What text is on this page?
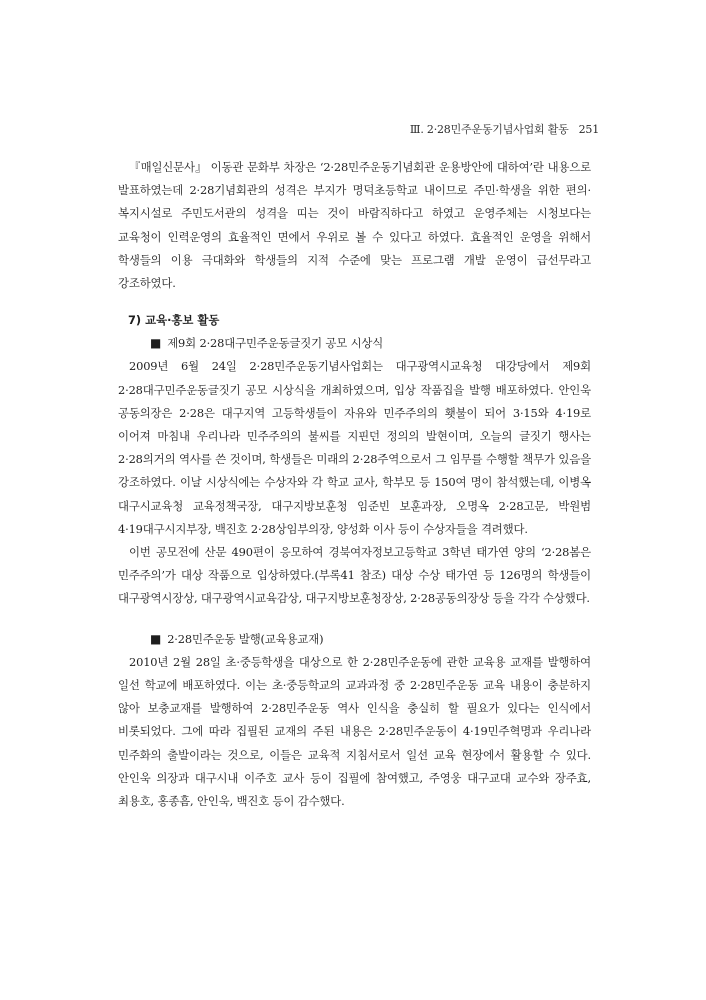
Ⅲ. 2·28민주운동기념사업회 활동 251

『매일신문사』 이동관 문화부 차장은 ‘2·28민주운동기념회관 운용방안에 대하여’란 내용으로 발표하였는데 2·28기념회관의 성격은 부지가 명덕초등학교 내이므로 주민·학생을 위한 편의·복지시설로 주민도서관의 성격을 띠는 것이 바람직하다고 하였고 운영주체는 시청보다는 교육청이 인력운영의 효율적인 면에서 우위로 볼 수 있다고 하였다. 효율적인 운영을 위해서 학생들의 이용 극대화와 학생들의 지적 수준에 맞는 프로그램 개발 운영이 급선무라고 강조하였다.

7) 교육·홍보 활동
■ 제9회 2·28대구민주운동글짓기 공모 시상식

2009년 6월 24일 2·28민주운동기념사업회는 대구광역시교육청 대강당에서 제9회 2·28대구민주운동글짓기 공모 시상식을 개최하였으며, 입상 작품집을 발행 배포하였다. 안인욱 공동의장은 2·28은 대구지역 고등학생들이 자유와 민주주의의 횃불이 되어 3·15와 4·19로 이어져 마침내 우리나라 민주주의의 불씨를 지핀던 정의의 발현이며, 오늘의 글짓기 행사는 2·28의거의 역사를 쓴 것이며, 학생들은 미래의 2·28주역으로서 그 임무를 수행할 책무가 있음을 강조하였다. 이날 시상식에는 수상자와 각 학교 교사, 학부모 등 150여 명이 참석했는데, 이병옥 대구시교육청 교육정책국장, 대구지방보훈청 임준빈 보훈과장, 오명옥 2·28고문, 박원범 4·19대구시지부장, 백진호 2·28상임부의장, 양성화 이사 등이 수상자들을 격려했다.

이번 공모전에 산문 490편이 응모하여 경북여자정보고등학교 3학년 태가연 양의 ‘2·28봄은 민주주의’가 대상 작품으로 입상하였다.(부록41 참조) 대상 수상 태가연 등 126명의 학생들이 대구광역시장상, 대구광역시교육감상, 대구지방보훈청장상, 2·28공동의장상 등을 각각 수상했다.

■ 2·28민주운동 발행(교육용교재)

2010년 2월 28일 초·중등학생을 대상으로 한 2·28민주운동에 관한 교육용 교재를 발행하여 일선 학교에 배포하였다. 이는 초·중등학교의 교과과정 중 2·28민주운동 교육 내용이 충분하지 않아 보충교재를 발행하여 2·28민주운동 역사 인식을 충실히 할 필요가 있다는 인식에서 비롯되었다. 그에 따라 집필된 교재의 주된 내용은 2·28민주운동이 4·19민주혁명과 우리나라 민주화의 출발이라는 것으로, 이들은 교육적 지침서로서 일선 교육 현장에서 활용할 수 있다. 안인욱 의장과 대구시내 이주호 교사 등이 집필에 참여했고, 주영웅 대구교대 교수와 장주효, 최용호, 홍종흠, 안인욱, 백진호 등이 감수했다.
